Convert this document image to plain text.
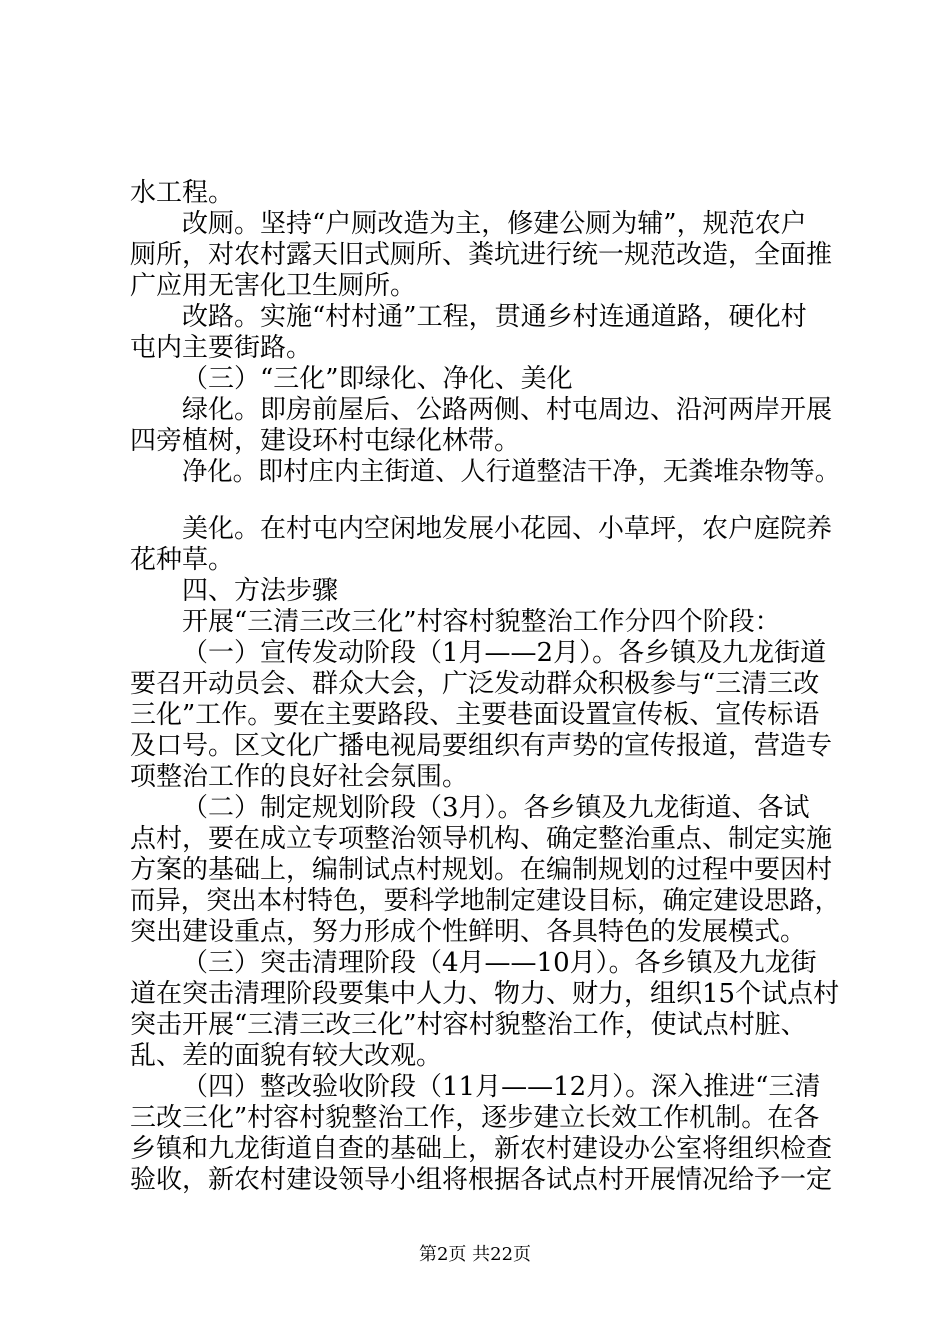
水工程。

改厕。坚持“户厕改造为主，修建公厕为辅”，规范农户

厕所，对农村露天旧式厕所、粪坑进行统一规范改造，全面推

广应用无害化卫生厕所。

改路。实施“村村通”工程，贯通乡村连通道路，硬化村

屯内主要街路。

（三）“三化”即绿化、净化、美化

绿化。即房前屋后、公路两侧、村屯周边、沿河两岸开展

四旁植树，建设环村屯绿化林带。

净化。即村庄内主街道、人行道整洁干净，无粪堆杂物等。

美化。在村屯内空闲地发展小花园、小草坪，农户庭院养

花种草。

四、方法步骤

开展“三清三改三化”村容村貌整治工作分四个阶段：

（一）宣传发动阶段（1月——2月）。各乡镇及九龙街道

要召开动员会、群众大会，广泛发动群众积极参与“三清三改

三化”工作。要在主要路段、主要巷面设置宣传板、宣传标语

及口号。区文化广播电视局要组织有声势的宣传报道，营造专

项整治工作的良好社会氛围。

（二）制定规划阶段（3月）。各乡镇及九龙街道、各试

点村，要在成立专项整治领导机构、确定整治重点、制定实施

方案的基础上，编制试点村规划。在编制规划的过程中要因村

而异，突出本村特色，要科学地制定建设目标，确定建设思路，

突出建设重点，努力形成个性鲜明、各具特色的发展模式。

（三）突击清理阶段（4月——10月）。各乡镇及九龙街

道在突击清理阶段要集中人力、物力、财力，组织15个试点村

突击开展“三清三改三化”村容村貌整治工作，使试点村脏、

乱、差的面貌有较大改观。

（四）整改验收阶段（11月——12月）。深入推进“三清

三改三化”村容村貌整治工作，逐步建立长效工作机制。在各

乡镇和九龙街道自查的基础上，新农村建设办公室将组织检查

验收，新农村建设领导小组将根据各试点村开展情况给予一定

第2页 共22页
